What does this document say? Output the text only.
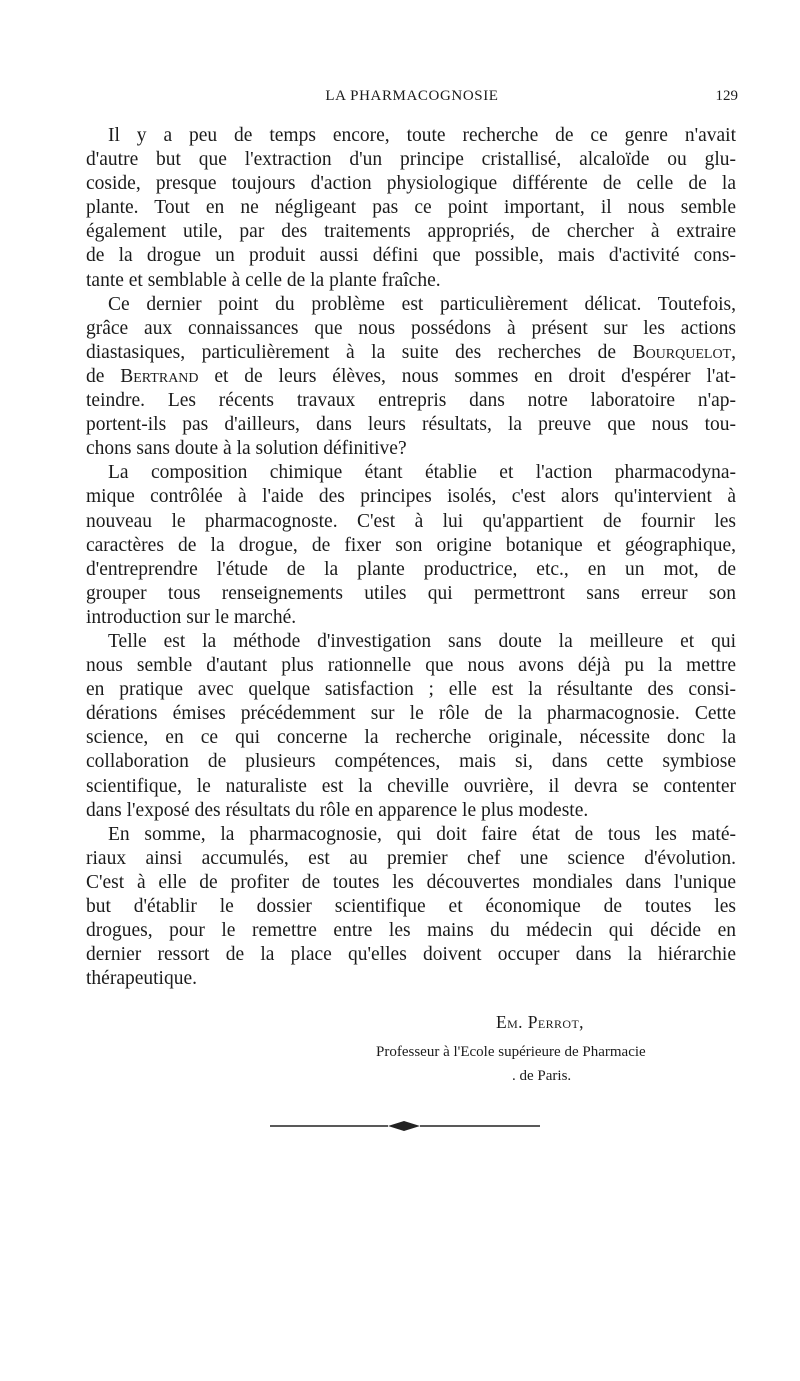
LA PHARMACOGNOSIE	129
Il y a peu de temps encore, toute recherche de ce genre n'avait
d'autre but que l'extraction d'un principe cristallisé, alcaloïde ou glu-
coside, presque toujours d'action physiologique différente de celle de la
plante. Tout en ne négligeant pas ce point important, il nous semble
également utile, par des traitements appropriés, de chercher à extraire
de la drogue un produit aussi défini que possible, mais d'activité cons-
tante et semblable à celle de la plante fraîche.
Ce dernier point du problème est particulièrement délicat. Toutefois,
grâce aux connaissances que nous possédons à présent sur les actions
diastasiques, particulièrement à la suite des recherches de Bourquelot,
de Bertrand et de leurs élèves, nous sommes en droit d'espérer l'at-
teindre. Les récents travaux entrepris dans notre laboratoire n'ap-
portent-ils pas d'ailleurs, dans leurs résultats, la preuve que nous tou-
chons sans doute à la solution définitive?
La composition chimique étant établie et l'action pharmacodyna-
mique contrôlée à l'aide des principes isolés, c'est alors qu'intervient à
nouveau le pharmacognoste. C'est à lui qu'appartient de fournir les
caractères de la drogue, de fixer son origine botanique et géographique,
d'entreprendre l'étude de la plante productrice, etc., en un mot, de
grouper tous renseignements utiles qui permettront sans erreur son
introduction sur le marché.
Telle est la méthode d'investigation sans doute la meilleure et qui
nous semble d'autant plus rationnelle que nous avons déjà pu la mettre
en pratique avec quelque satisfaction ; elle est la résultante des consi-
dérations émises précédemment sur le rôle de la pharmacognosie. Cette
science, en ce qui concerne la recherche originale, nécessite donc la
collaboration de plusieurs compétences, mais si, dans cette symbiose
scientifique, le naturaliste est la cheville ouvrière, il devra se contenter
dans l'exposé des résultats du rôle en apparence le plus modeste.
En somme, la pharmacognosie, qui doit faire état de tous les maté-
riaux ainsi accumulés, est au premier chef une science d'évolution.
C'est à elle de profiter de toutes les découvertes mondiales dans l'unique
but d'établir le dossier scientifique et économique de toutes les
drogues, pour le remettre entre les mains du médecin qui décide en
dernier ressort de la place qu'elles doivent occuper dans la hiérarchie
thérapeutique.
Em. Perrot,
Professeur à l'Ecole supérieure de Pharmacie
. de Paris.
